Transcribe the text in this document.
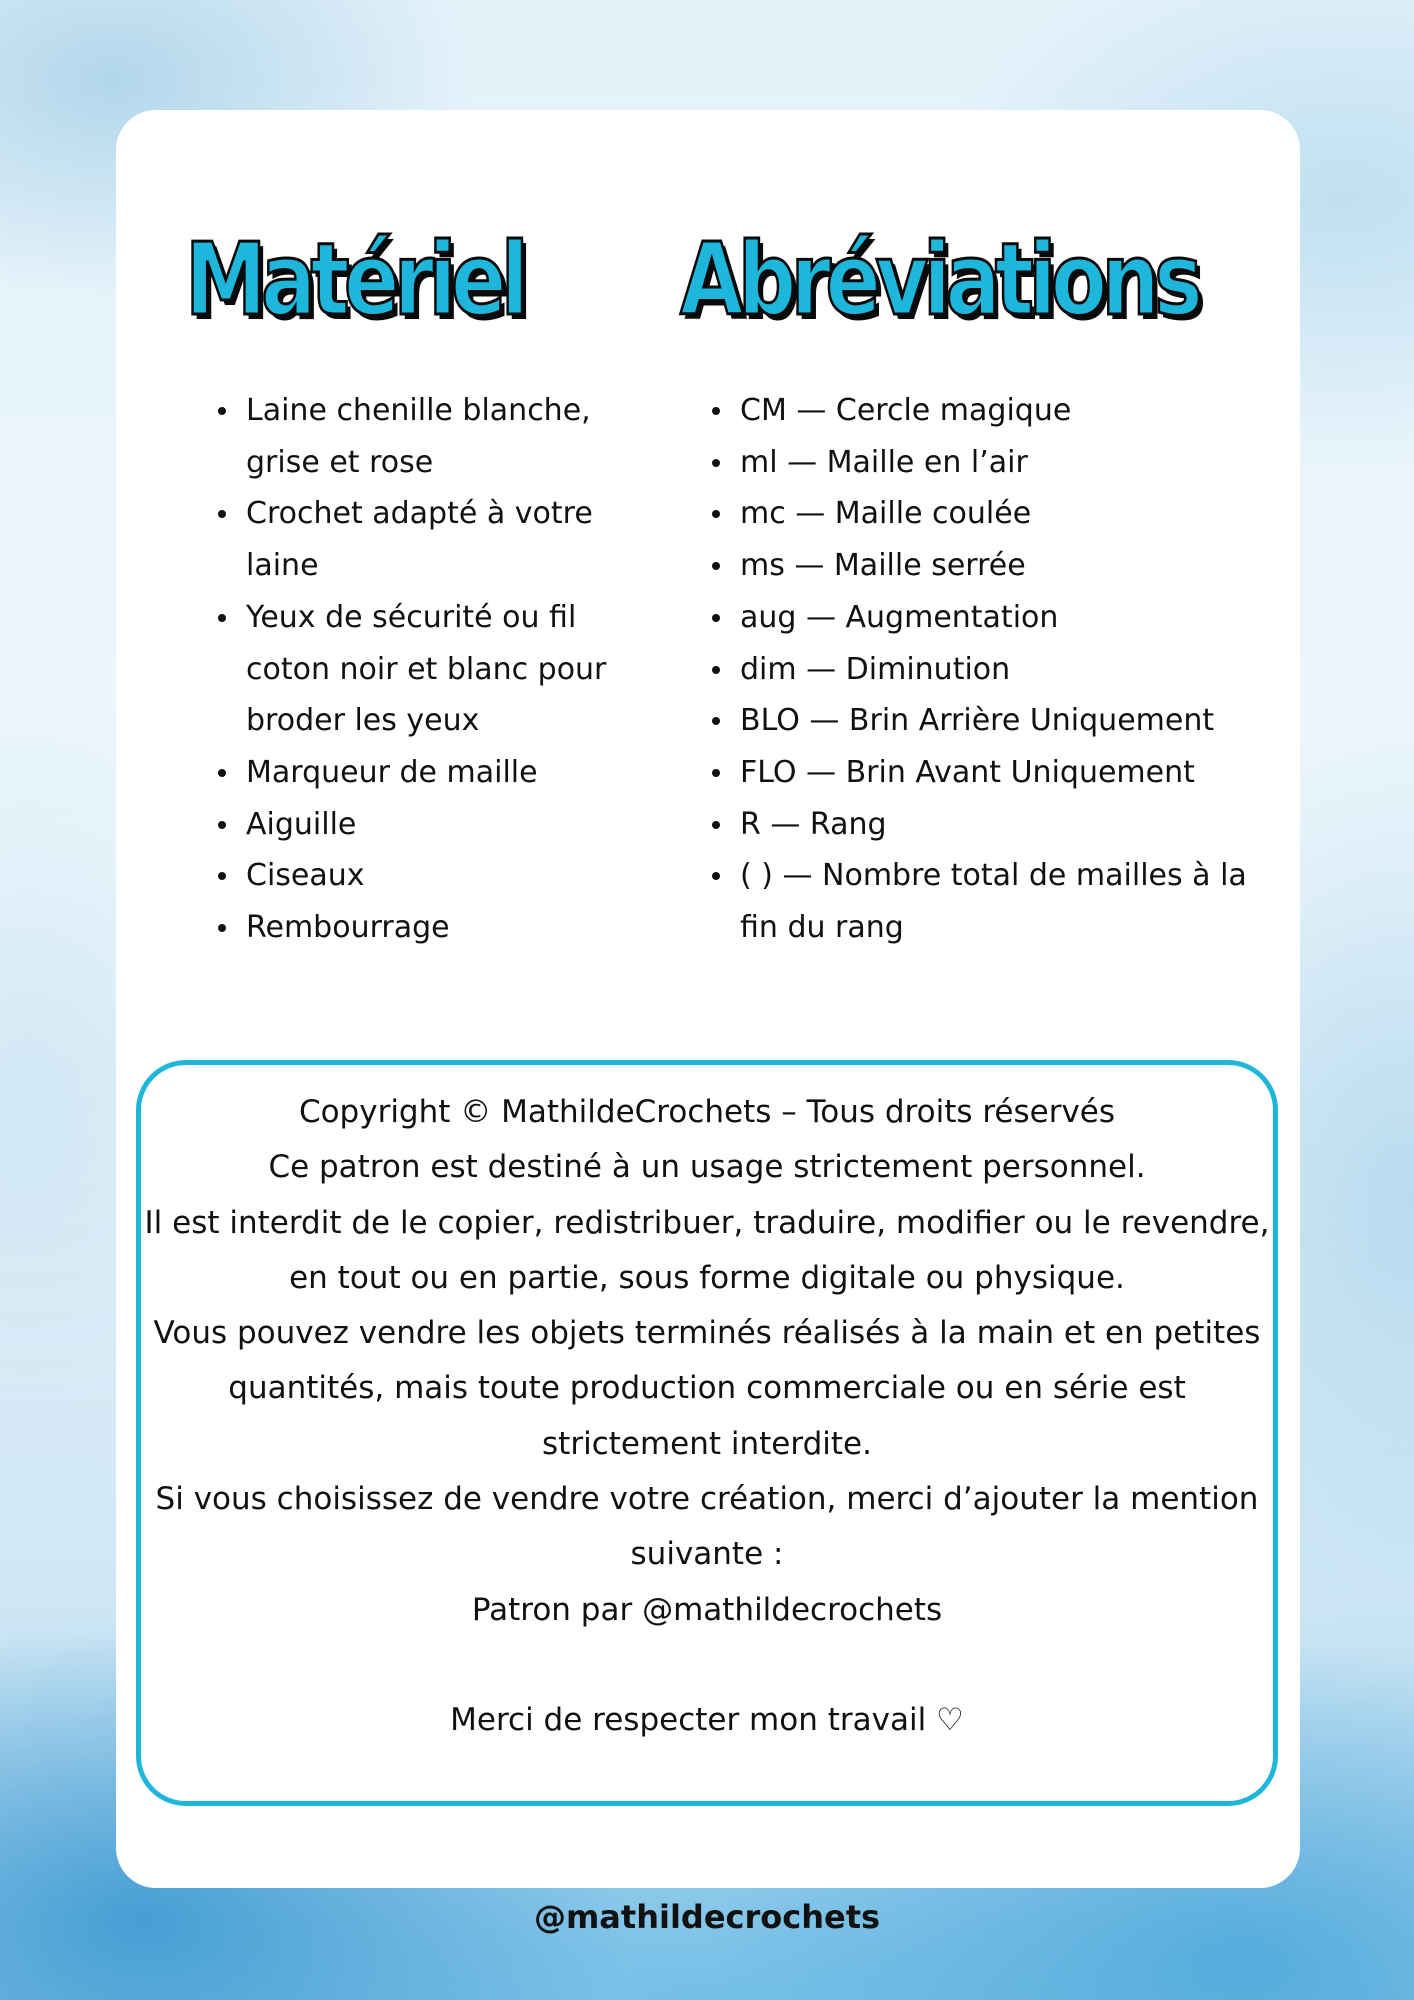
Matériel Abréviations
Laine chenille blanche, grise et rose
Crochet adapté à votre laine
Yeux de sécurité ou fil coton noir et blanc pour broder les yeux
Marqueur de maille
Aiguille
Ciseaux
Rembourrage
CM — Cercle magique
ml — Maille en l’air
mc — Maille coulée
ms — Maille serrée
aug — Augmentation
dim — Diminution
BLO — Brin Arrière Uniquement
FLO — Brin Avant Uniquement
R — Rang
( ) — Nombre total de mailles à la fin du rang

Copyright © MathildeCrochets – Tous droits réservés

Ce patron est destiné à un usage strictement personnel.

Il est interdit de le copier, redistribuer, traduire, modifier ou le revendre, en tout ou en partie, sous forme digitale ou physique.

Vous pouvez vendre les objets terminés réalisés à la main et en petites quantités, mais toute production commerciale ou en série est strictement interdite.

Si vous choisissez de vendre votre création, merci d’ajouter la mention suivante :

Patron par @mathildecrochets

Merci de respecter mon travail ♡

@mathildecrochets
